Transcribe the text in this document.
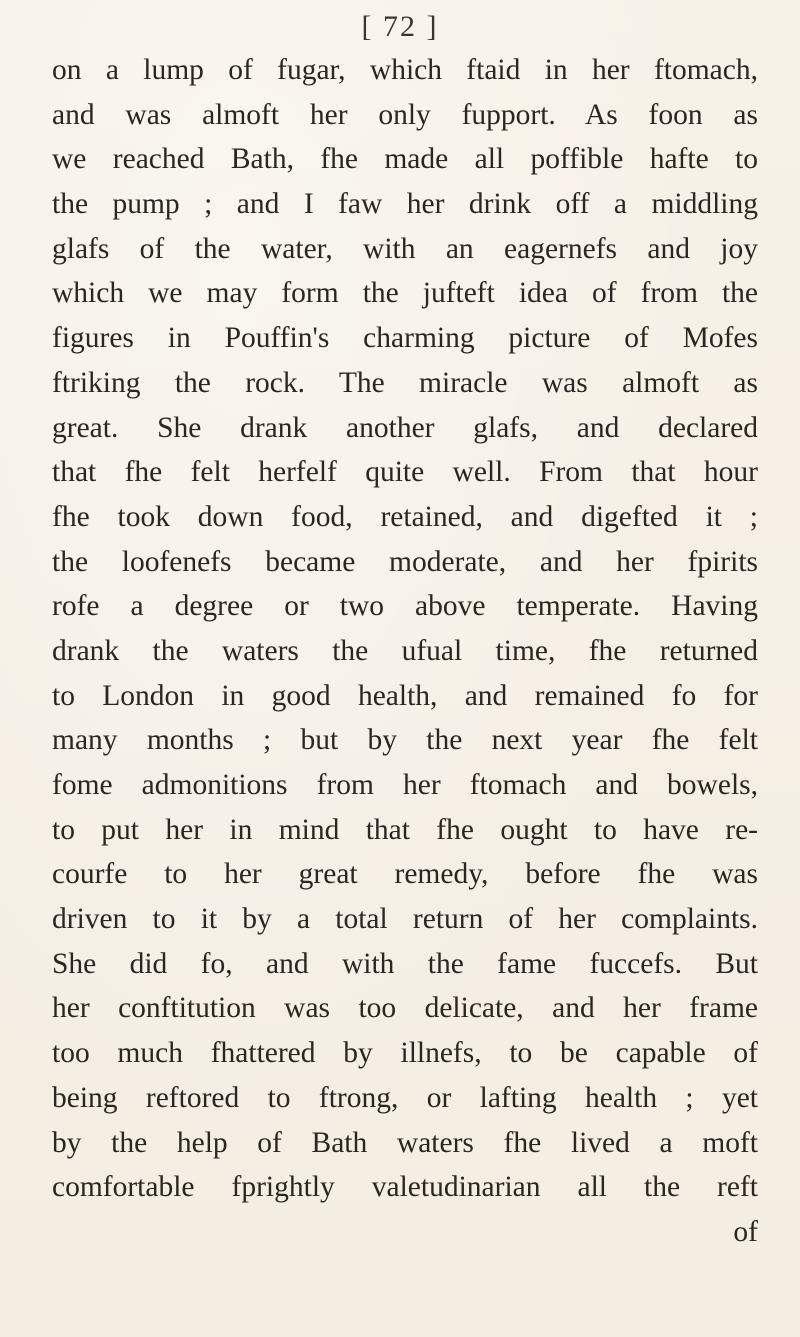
[ 72 ]
on a lump of fugar, which ftaid in her ftomach,
and was almoft her only fupport. As foon as
we reached Bath, fhe made all poffible hafte to
the pump ; and I faw her drink off a middling
glafs of the water, with an eagernefs and joy
which we may form the jufteft idea of from the
figures in Pouffin's charming picture of Mofes
ftriking the rock. The miracle was almoft as
great. She drank another glafs, and declared
that fhe felt herfelf quite well. From that hour
fhe took down food, retained, and digefted it ;
the loofenefs became moderate, and her fpirits
rofe a degree or two above temperate. Having
drank the waters the ufual time, fhe returned
to London in good health, and remained fo for
many months ; but by the next year fhe felt
fome admonitions from her ftomach and bowels,
to put her in mind that fhe ought to have re-
courfe to her great remedy, before fhe was
driven to it by a total return of her complaints.
She did fo, and with the fame fuccefs. But
her conftitution was too delicate, and her frame
too much fhattered by illnefs, to be capable of
being reftored to ftrong, or lafting health ; yet
by the help of Bath waters fhe lived a moft
comfortable fprightly valetudinarian all the reft
of
